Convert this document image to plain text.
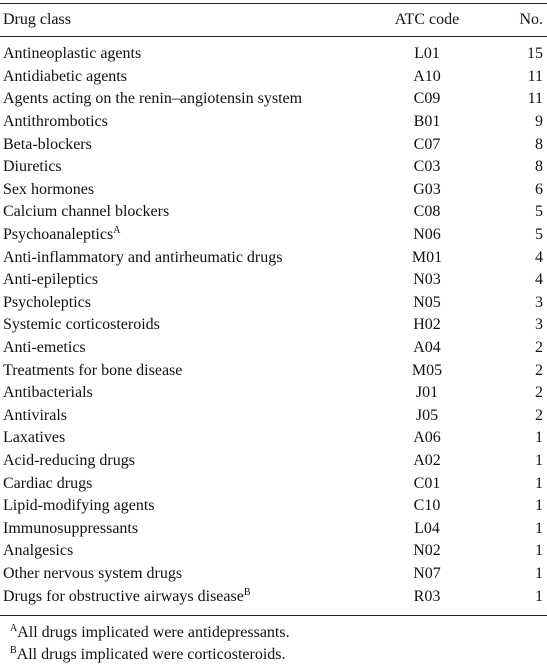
Drug class	ATC code	No.

Antineoplastic agents	L01	15
Antidiabetic agents	A10	11
Agents acting on the renin–angiotensin system	C09	11
Antithrombotics	B01	9
Beta-blockers	C07	8
Diuretics	C03	8
Sex hormones	G03	6
Calcium channel blockers	C08	5
Psychoanaleptics$^A$	N06	5
Anti-inflammatory and antirheumatic drugs	M01	4
Anti-epileptics	N03	4
Psycholeptics	N05	3
Systemic corticosteroids	H02	3
Anti-emetics	A04	2
Treatments for bone disease	M05	2
Antibacterials	J01	2
Antivirals	J05	2
Laxatives	A06	1
Acid-reducing drugs	A02	1
Cardiac drugs	C01	1
Lipid-modifying agents	C10	1
Immunosuppressants	L04	1
Analgesics	N02	1
Other nervous system drugs	N07	1
Drugs for obstructive airways disease$^B$	R03	1
$^A$All drugs implicated were antidepressants.
$^B$All drugs implicated were corticosteroids.
